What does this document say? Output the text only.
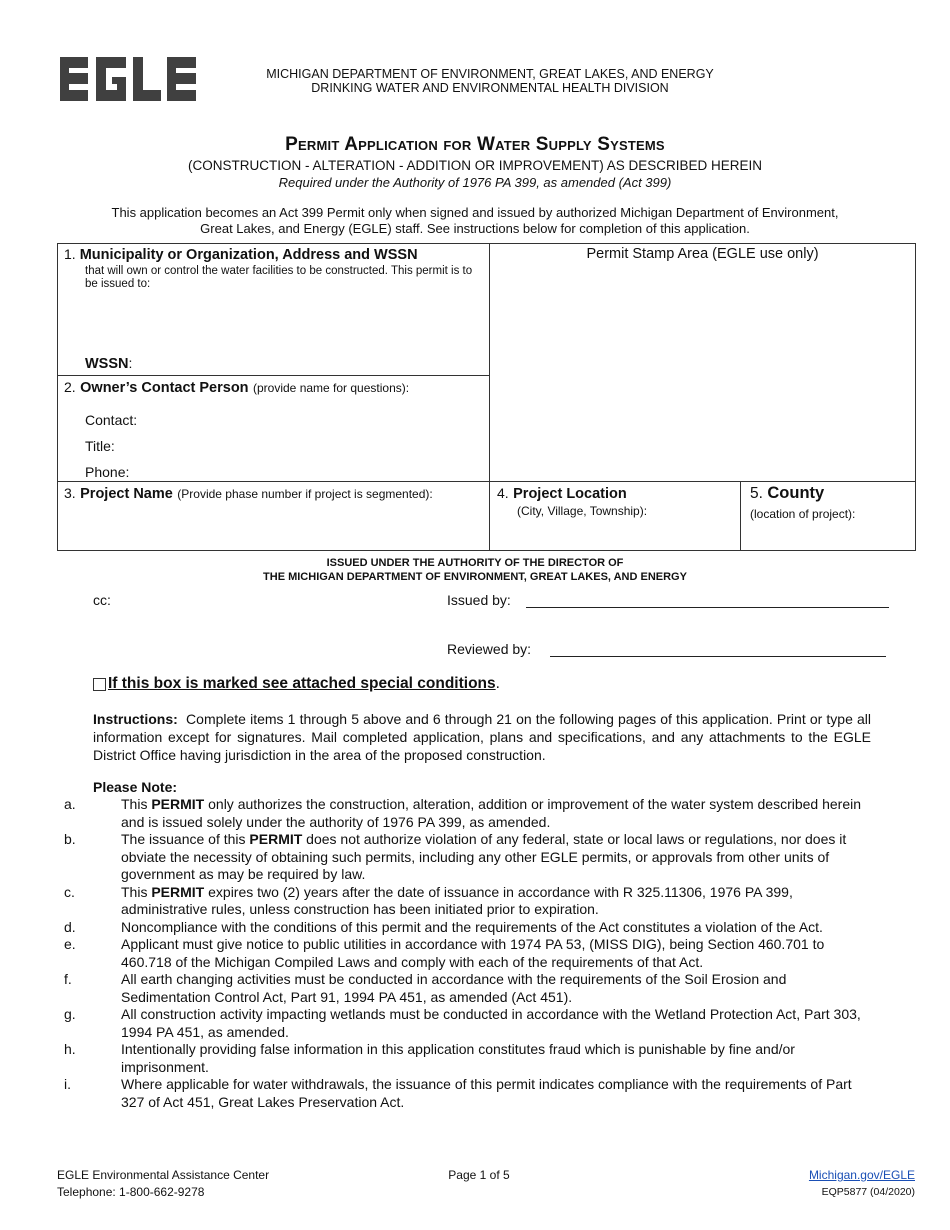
MICHIGAN DEPARTMENT OF ENVIRONMENT, GREAT LAKES, AND ENERGY
DRINKING WATER AND ENVIRONMENTAL HEALTH DIVISION
Permit Application for Water Supply Systems
(CONSTRUCTION - ALTERATION - ADDITION OR IMPROVEMENT) AS DESCRIBED HEREIN
Required under the Authority of 1976 PA 399, as amended (Act 399)
This application becomes an Act 399 Permit only when signed and issued by authorized Michigan Department of Environment, Great Lakes, and Energy (EGLE) staff. See instructions below for completion of this application.
1. Municipality or Organization, Address and WSSN
that will own or control the water facilities to be constructed. This permit is to be issued to:
WSSN:
Permit Stamp Area (EGLE use only)
2. Owner’s Contact Person (provide name for questions):
Contact:
Title:
Phone:
3. Project Name (Provide phase number if project is segmented):	4. Project Location
(City, Village, Township):
5. County
(location of project):
ISSUED UNDER THE AUTHORITY OF THE DIRECTOR OF
THE MICHIGAN DEPARTMENT OF ENVIRONMENT, GREAT LAKES, AND ENERGY
cc:	Issued by:
Reviewed by:
If this box is marked see attached special conditions .
Instructions: Complete items 1 through 5 above and 6 through 21 on the following pages of this application. Print or type all information except for signatures. Mail completed application, plans and specifications, and any attachments to the EGLE District Office having jurisdiction in the area of the proposed construction.
Please Note:
a.	This PERMIT only authorizes the construction, alteration, addition or improvement of the water system described herein and is issued solely under the authority of 1976 PA 399, as amended.
b.	The issuance of this PERMIT does not authorize violation of any federal, state or local laws or regulations, nor does it obviate the necessity of obtaining such permits, including any other EGLE permits, or approvals from other units of government as may be required by law.
c.	This PERMIT expires two (2) years after the date of issuance in accordance with R 325.11306, 1976 PA 399, administrative rules, unless construction has been initiated prior to expiration.
d.	Noncompliance with the conditions of this permit and the requirements of the Act constitutes a violation of the Act.
e.	Applicant must give notice to public utilities in accordance with 1974 PA 53, (MISS DIG), being Section 460.701 to 460.718 of the Michigan Compiled Laws and comply with each of the requirements of that Act.
f.	All earth changing activities must be conducted in accordance with the requirements of the Soil Erosion and Sedimentation Control Act, Part 91, 1994 PA 451, as amended (Act 451).
g.	All construction activity impacting wetlands must be conducted in accordance with the Wetland Protection Act, Part 303, 1994 PA 451, as amended.
h.	Intentionally providing false information in this application constitutes fraud which is punishable by fine and/or imprisonment.
i.	Where applicable for water withdrawals, the issuance of this permit indicates compliance with the requirements of Part 327 of Act 451, Great Lakes Preservation Act.
EGLE Environmental Assistance Center
Telephone: 1-800-662-9278
Page 1 of 5	Michigan.gov/EGLE
EQP5877 (04/2020)
